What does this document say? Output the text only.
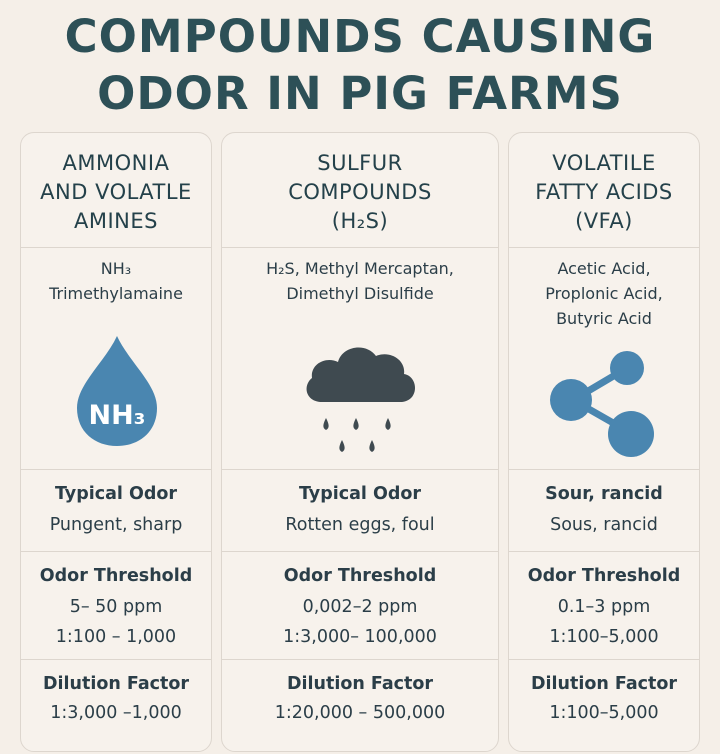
COMPOUNDS CAUSING
ODOR IN PIG FARMS
AMMONIA
AND VOLATLE
AMINES
NH₃
Trimethylamaine
NH₃
Typical Odor
Pungent, sharp
Odor Threshold
5– 50 ppm
1:100 – 1,000
Dilution Factor
1:3,000 –1,000
SULFUR
COMPOUNDS
(H₂S)
H₂S, Methyl Mercaptan,
Dimethyl Disulfide
Typical Odor
Rotten eggs, foul
Odor Threshold
0,002–2 ppm
1:3,000– 100,000
Dilution Factor
1:20,000 – 500,000
VOLATILE
FATTY ACIDS
(VFA)
Acetic Acid,
Proplonic Acid,
Butyric Acid
Sour, rancid
Sous, rancid
Odor Threshold
0.1–3 ppm
1:100–5,000
Dilution Factor
1:100–5,000
